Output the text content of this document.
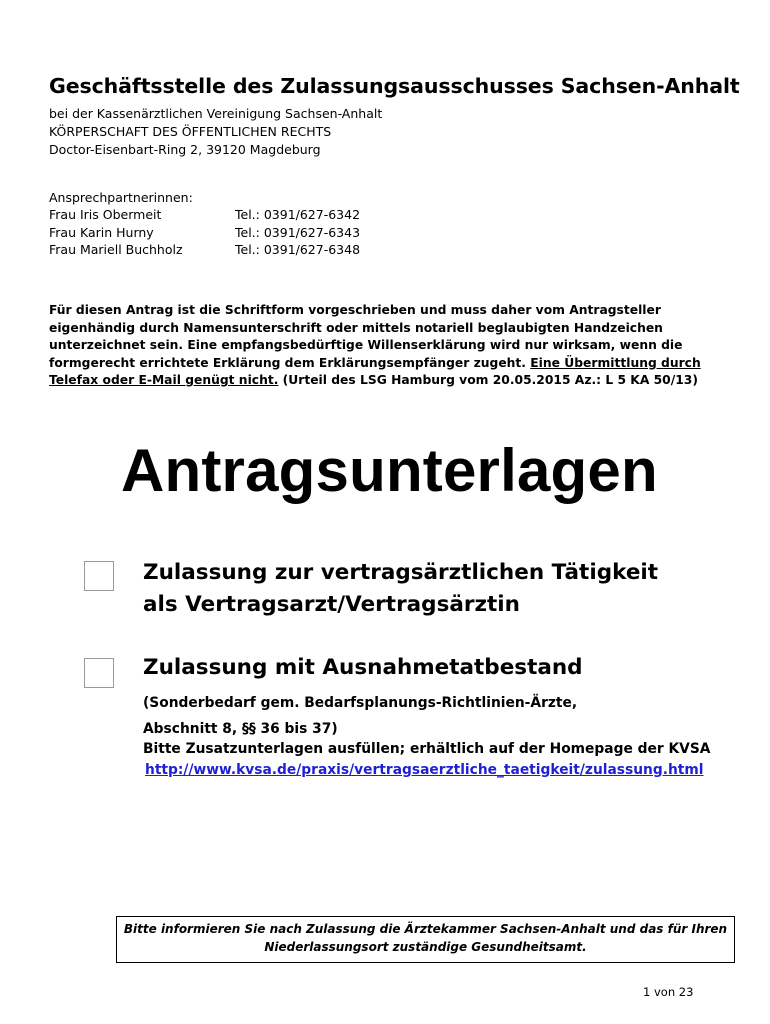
Geschäftsstelle des Zulassungsausschusses Sachsen-Anhalt
bei der Kassenärztlichen Vereinigung Sachsen-Anhalt
KÖRPERSCHAFT DES ÖFFENTLICHEN RECHTS
Doctor-Eisenbart-Ring 2, 39120 Magdeburg
Ansprechpartnerinnen:
Frau Iris Obermeit	Tel.: 0391/627-6342
Frau Karin Hurny	Tel.: 0391/627-6343
Frau Mariell Buchholz	Tel.: 0391/627-6348
Für diesen Antrag ist die Schriftform vorgeschrieben und muss daher vom Antragsteller eigenhändig durch Namensunterschrift oder mittels notariell beglaubigten Handzeichen unterzeichnet sein. Eine empfangsbedürftige Willenserklärung wird nur wirksam, wenn die formgerecht errichtete Erklärung dem Erklärungsempfänger zugeht. Eine Übermittlung durch Telefax oder E-Mail genügt nicht. (Urteil des LSG Hamburg vom 20.05.2015 Az.: L 5 KA 50/13)
Antragsunterlagen
Zulassung zur vertragsärztlichen Tätigkeit
als Vertragsarzt/Vertragsärztin
Zulassung mit Ausnahmetatbestand
(Sonderbedarf gem. Bedarfsplanungs-Richtlinien-Ärzte,
Abschnitt 8, §§ 36 bis 37)
Bitte Zusatzunterlagen ausfüllen; erhältlich auf der Homepage der KVSA
http://www.kvsa.de/praxis/vertragsaerztliche_taetigkeit/zulassung.html
Bitte informieren Sie nach Zulassung die Ärztekammer Sachsen-Anhalt und das für Ihren
Niederlassungsort zuständige Gesundheitsamt.
1 von 23
